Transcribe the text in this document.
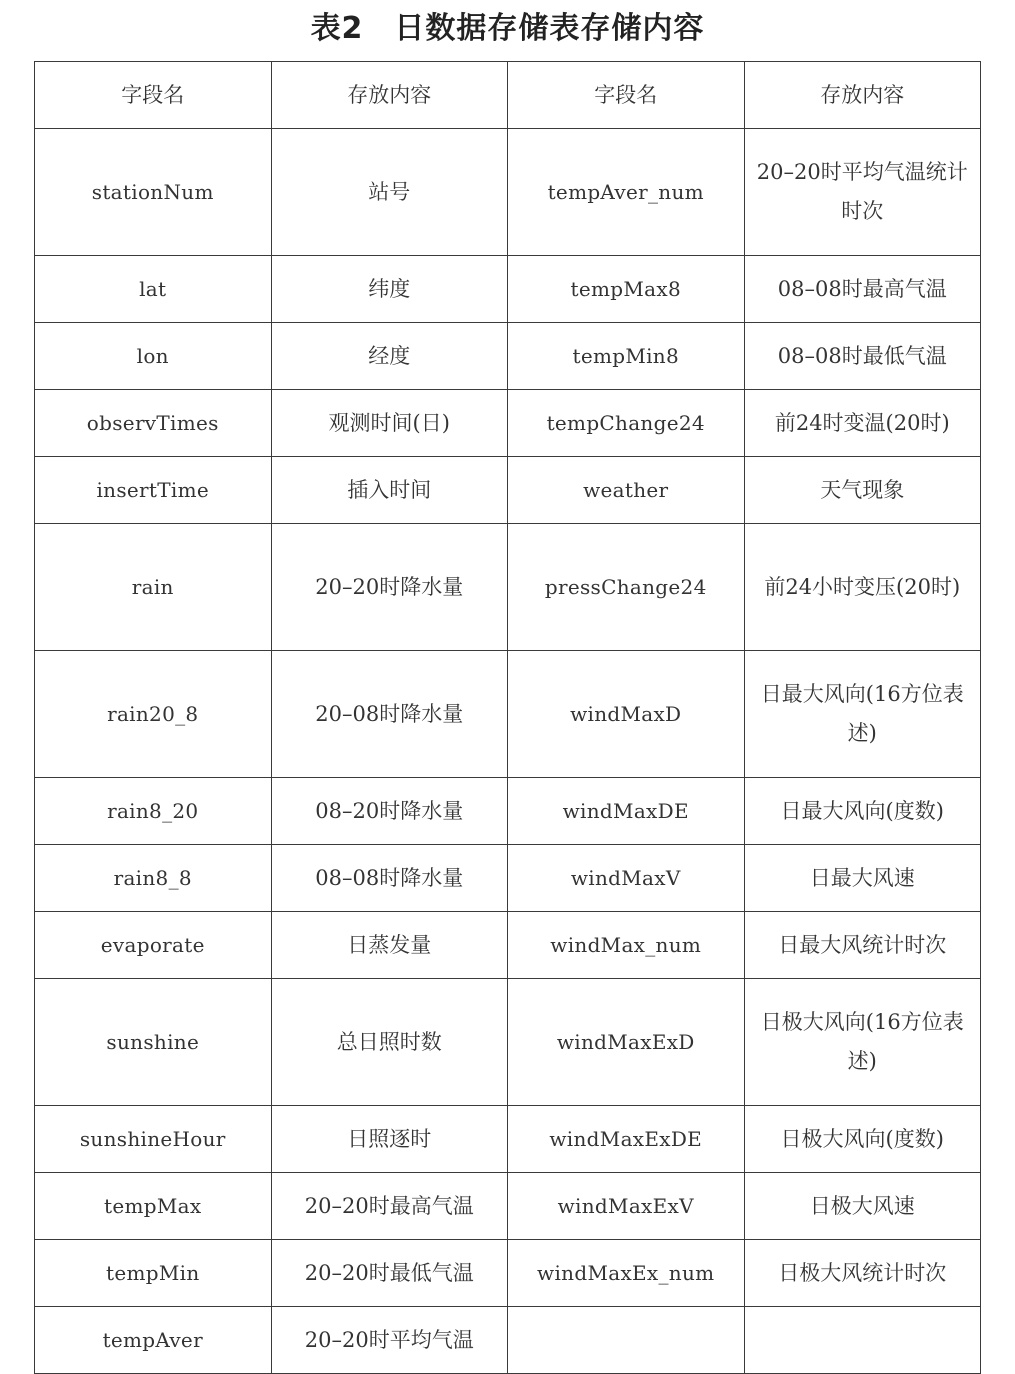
表2　日数据存储表存储内容
字段名	存放内容	字段名	存放内容
stationNum	站号	tempAver_num	20–20时平均气温统计时次
lat	纬度	tempMax8	08–08时最高气温
lon	经度	tempMin8	08–08时最低气温
observTimes	观测时间(日)	tempChange24	前24时变温(20时)
insertTime	插入时间	weather	天气现象
rain	20–20时降水量	pressChange24	前24小时变压(20时)
rain20_8	20–08时降水量	windMaxD	日最大风向(16方位表述)
rain8_20	08–20时降水量	windMaxDE	日最大风向(度数)
rain8_8	08–08时降水量	windMaxV	日最大风速
evaporate	日蒸发量	windMax_num	日最大风统计时次
sunshine	总日照时数	windMaxExD	日极大风向(16方位表述)
sunshineHour	日照逐时	windMaxExDE	日极大风向(度数)
tempMax	20–20时最高气温	windMaxExV	日极大风速
tempMin	20–20时最低气温	windMaxEx_num	日极大风统计时次
tempAver	20–20时平均气温		
